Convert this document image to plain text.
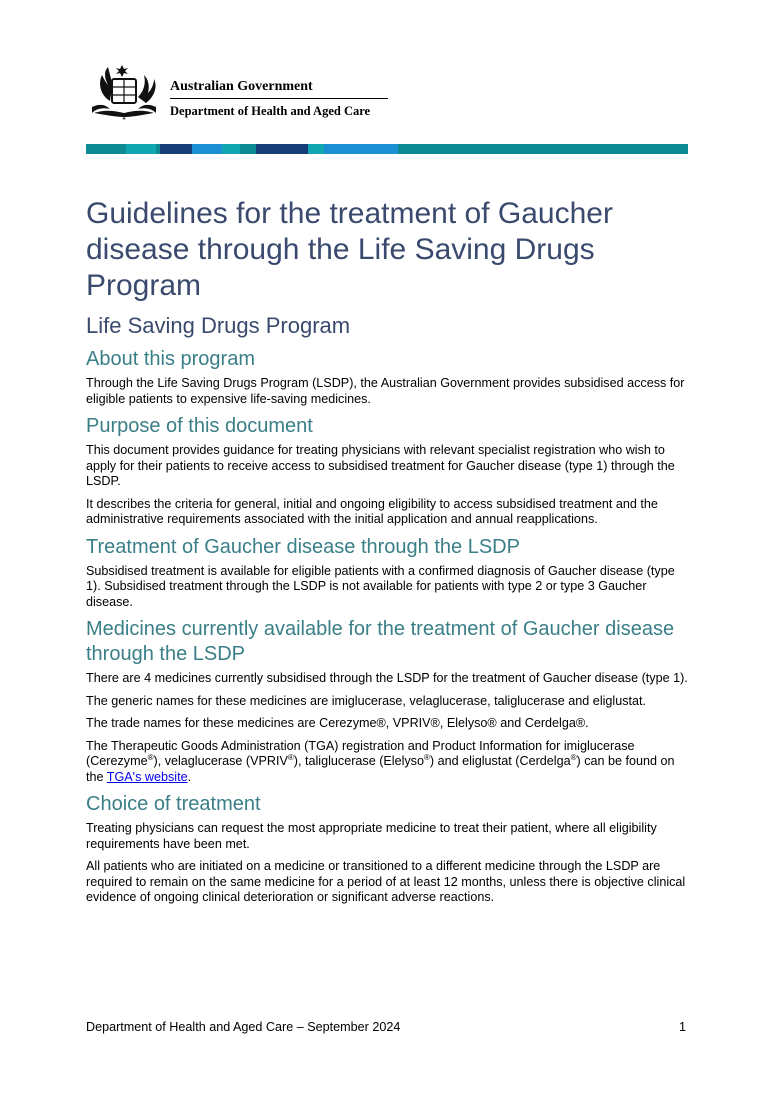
☘
Australian Government
Department of Health and Aged Care
Guidelines for the treatment of Gaucher disease through the Life Saving Drugs Program
Life Saving Drugs Program
About this program

Through the Life Saving Drugs Program (LSDP), the Australian Government provides subsidised access for eligible patients to expensive life-saving medicines.

Purpose of this document

This document provides guidance for treating physicians with relevant specialist registration who wish to apply for their patients to receive access to subsidised treatment for Gaucher disease (type 1) through the LSDP.

It describes the criteria for general, initial and ongoing eligibility to access subsidised treatment and the administrative requirements associated with the initial application and annual reapplications.

Treatment of Gaucher disease through the LSDP

Subsidised treatment is available for eligible patients with a confirmed diagnosis of Gaucher disease (type 1). Subsidised treatment through the LSDP is not available for patients with type 2 or type 3 Gaucher disease.

Medicines currently available for the treatment of Gaucher disease through the LSDP

There are 4 medicines currently subsidised through the LSDP for the treatment of Gaucher disease (type 1).

The generic names for these medicines are imiglucerase, velaglucerase, taliglucerase and eliglustat.

The trade names for these medicines are Cerezyme®, VPRIV®, Elelyso® and Cerdelga®.

The Therapeutic Goods Administration (TGA) registration and Product Information for imiglucerase (Cerezyme®), velaglucerase (VPRIV®), taliglucerase (Elelyso®) and eliglustat (Cerdelga®) can be found on the TGA's website.

Choice of treatment

Treating physicians can request the most appropriate medicine to treat their patient, where all eligibility requirements have been met.

All patients who are initiated on a medicine or transitioned to a different medicine through the LSDP are required to remain on the same medicine for a period of at least 12 months, unless there is objective clinical evidence of ongoing clinical deterioration or significant adverse reactions.

Department of Health and Aged Care – September 2024	1
